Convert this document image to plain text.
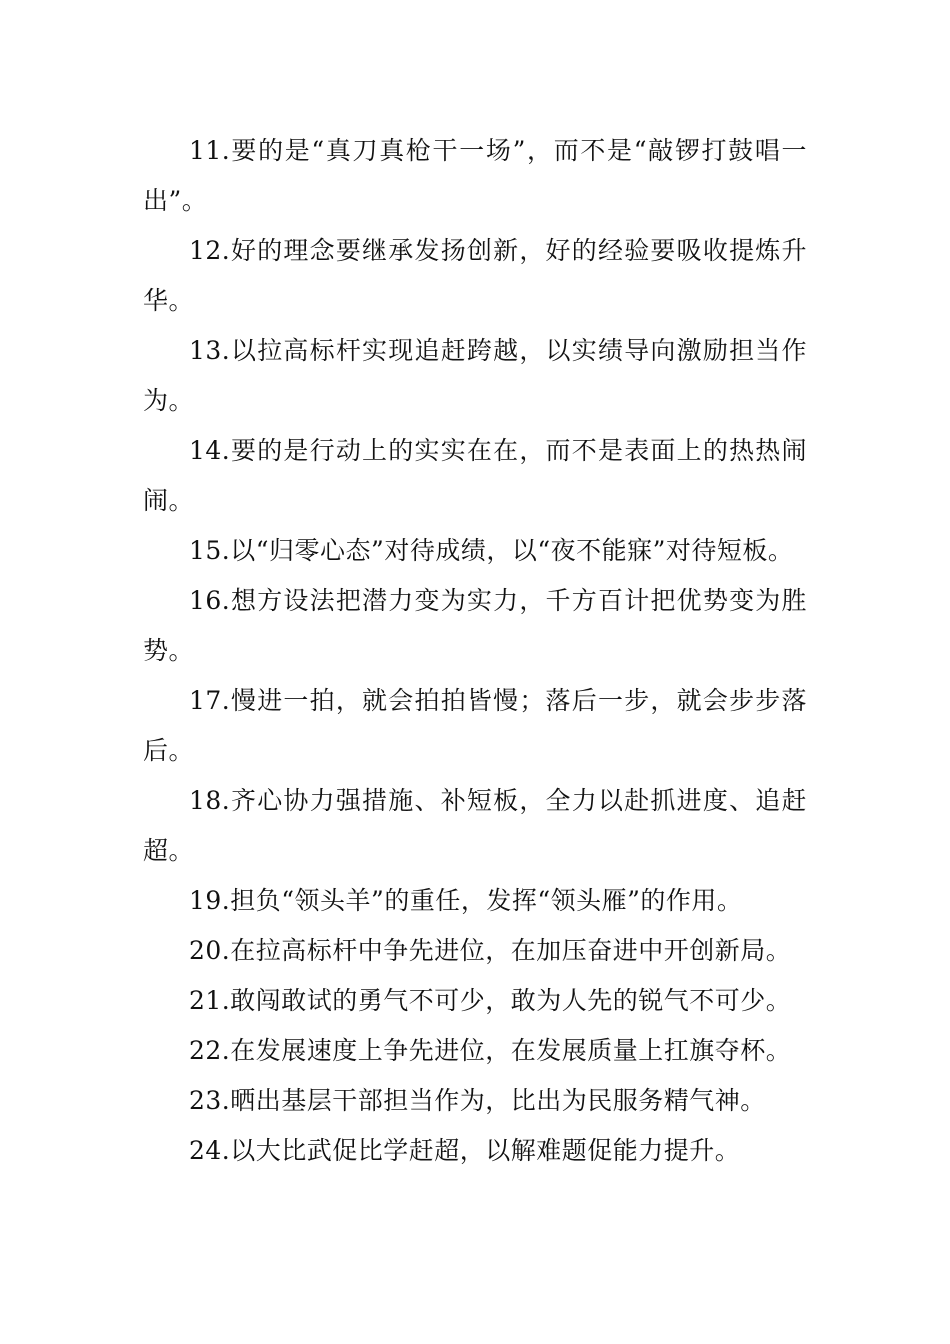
11.要的是“真刀真枪干一场”，而不是“敲锣打鼓唱一出”。

12.好的理念要继承发扬创新，好的经验要吸收提炼升华。

13.以拉高标杆实现追赶跨越，以实绩导向激励担当作为。

14.要的是行动上的实实在在，而不是表面上的热热闹闹。

15.以“归零心态”对待成绩，以“夜不能寐”对待短板。

16.想方设法把潜力变为实力，千方百计把优势变为胜势。

17.慢进一拍，就会拍拍皆慢；落后一步，就会步步落后。

18.齐心协力强措施、补短板，全力以赴抓进度、追赶超。

19.担负“领头羊”的重任，发挥“领头雁”的作用。

20.在拉高标杆中争先进位，在加压奋进中开创新局。

21.敢闯敢试的勇气不可少，敢为人先的锐气不可少。

22.在发展速度上争先进位，在发展质量上扛旗夺杯。

23.晒出基层干部担当作为，比出为民服务精气神。

24.以大比武促比学赶超，以解难题促能力提升。
